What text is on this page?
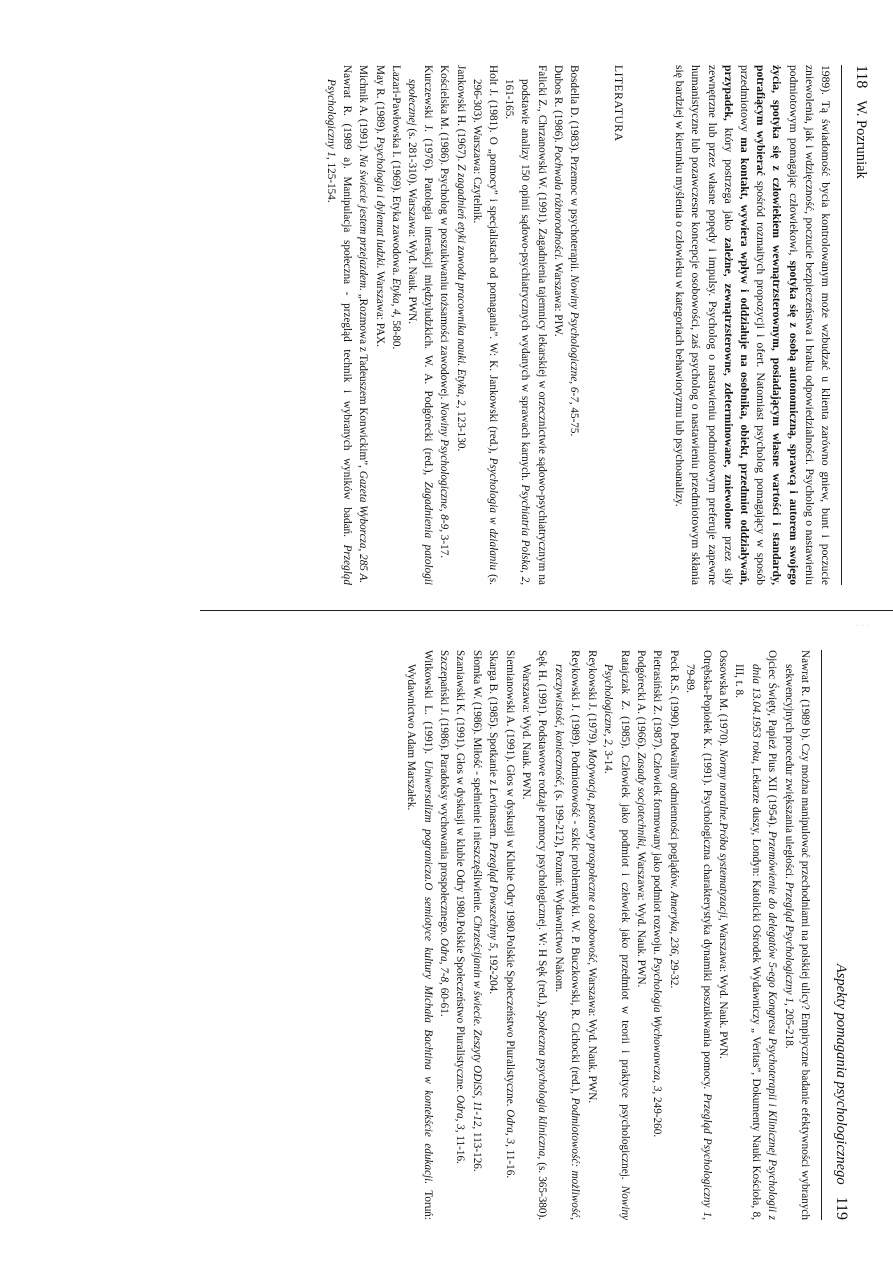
118
W. Pozruniak

1989). Tą świadomość bycia kontrolowanym może wzbudzać u klienta zarówno gniew, bunt i poczucie zniewolenia, jak i wdzięczność, poczucie bezpieczeństwa i braku odpowiedzialności. Psycholog o nastawieniu podmiotowym pomagając człowiekowi, spotyka się z osobą autonomiczną, sprawcą i autorem swojego życia, spotyka się z człowiekiem wewnątrzsterownym, posiadającym własne wartości i standardy, potrafiącym wybierać spośród rozmaitych propozycji i ofert. Natomiast psycholog pomagający w sposób przedmiotowy ma kontakt, wywiera wpływ i oddziałuje na osobnika, obiekt, przedmiot oddziaływań, przypadek, który postrzega jako zależne, zewnątrzsterowne, zdeterminowane, zniewolone przez siły zewnętrzne lub przez własne popędy i impulsy. Psycholog o nastawieniu podmiotowym preferuje zapewne humanistyczne lub pozawczesne koncepcje osobowości, zaś psycholog o nastawieniu przedmiotowym skłania się bardziej w kierunku myślenia o człowieku w kategoriach behawioryzmu lub psychoanalizy.

LITERATURA
Bosdella D. (1983). Przemoc w psychoterapii. Nowiny Psychologiczne, 6-7, 45-75.
Dubos R. (1986). Pochwała różnorodności. Warszawa: PIW.
Falicki Z., Chrzanowski W. (1991). Zagadnienia tajemnicy lekarskiej w orzecznictwie sądowo-psychiatrycznym na podstawie analizy 150 opinii sądowo-psychiatrycznych wydanych w sprawach karnych. Psychiatria Polska, 2, 161-165.
Holt J. (1981). O „pomocy” i specjalistach od pomagania”. W: K. Jankowski (red.), Psychologia w działaniu (s. 296-303). Warszawa: Czytelnik.
Jankowski H. (1967). Z zagadnień etyki zawodu pracownika nauki. Etyka, 2, 123-130.
Kościelska M. (1986). Psycholog w poszukiwaniu tożsamości zawodowej. Nowiny Psychologiczne, 8-9, 3-17.
Kurczewski J. (1976). Patologia interakcji międzyludzkich. W. A. Podgórecki (red.), Zagadnienia patologii społecznej (s. 281-310). Warszawa: Wyd. Nauk. PWN.
Lazari-Pawłowska I. (1969). Etyka zawodowa. Etyka, 4, 58-80.
May R. (1989). Psychologia i dylemat ludzki. Warszawa: PAX.
Michnik A. (1991). Na świecie jestem przejazdem. „Rozmowa z Tadeuszem Konwickim”, Gazeta Wyborcza, 285 A.
Nawrat R. (1989 a). Manipulacja społeczna - przegląd technik i wybranych wyników badań. Przegląd Psychologiczny 1, 125-154.
· · ·
Aspekty pomagania psychologicznego
119
Nawrat R. (1989 b). Czy można manipulować przechodniami na polskiej ulicy? Empiryczne badanie efektywności wybranych sekwencyjnych procedur zwiększania uległości. Przegląd Psychologiczny 1, 205-218.
Ojciec Święty, Papież Pius XII (1954). Przemówienie do delegatów 5-ego Kongresu Psychoterapii i Klinicznej Psychologii z dnia 13.04.1953 roku, Lekarze duszy, Londyn: Katolicki Ośrodek Wydawniczy „ Veritas”, Dokumenty Nauki Kościoła, 8, III, t. 8.
Ossowska M. (1970). Normy moralne.Próba systematyzacji, Warszawa: Wyd. Nauk. PWN.
Otrębska-Popiołek K. (1991). Psychologiczna charakterystyka dynamiki poszukiwania pomocy. Przegląd Psychologiczny 1, 79-89.
Peck R.S. (1990). Podwaliny odmienności poglądów. Ameryka, 236, 29-32.
Pietrasiński Z. (1987). Człowiek formowany jako podmiot rozwoju. Psychologia Wychowawcza, 3, 249-260.
Podgórecki A. (1966). Zasady socjotechniki, Warszawa: Wyd. Nauk. PWN.
Ratajczak Z. (1985). Człowiek jako podmiot i człowiek jako przedmiot w teorii i praktyce psychologicznej. Nowiny Psychologiczne, 2, 3-14.
Reykowski J. (1979). Motywacja, postawy prospołeczne a osobowość, Warszawa: Wyd. Nauk. PWN.
Reykowski J. (1989). Podmiotowość - szkic problematyki. W. P. Buczkowski, R. Cichocki (red.), Podmiotowość: możliwość, rzeczywistość, konieczność, (s. 199-212), Poznań: Wydawnictwo Nakom.
Sęk H. (1991). Podstawowe rodzaje pomocy psychologicznej. W: H Sęk (red.), Społeczna psychologia kliniczna, (s. 365-380). Warszawa: Wyd. Nauk. PWN.
Siemianowski A. (1991). Głos w dyskusji w Klubie Odry 1980.Polskie Społeczeństwo Pluralistyczne. Odra, 3, 11-16.
Skarga B. (1985). Spotkanie z Levinasem. Przegląd Powszechny 5, 192-204.
Słomka W. (1986). Miłość - spełnienie i nieszczęśliwienie. Chrześcijanin w świecie. Zeszyty ODiSS, 11-12, 113-126.
Szaniawski K. (1991). Głos w dyskusji w klubie Odry 1980.Polskie Społeczeństwo Pluralistyczne. Odra, 3, 11-16.
Szczepański J. (1986). Paradoksy wychowania prospołecznego. Odra, 7-8, 60-61.
Witkowski L. (1991). Uniwersalizm pogranicza.O semiotyce kultury Michała Bachtina w kontekście edukacji. Toruń: Wydawnictwo Adam Marszałek.
